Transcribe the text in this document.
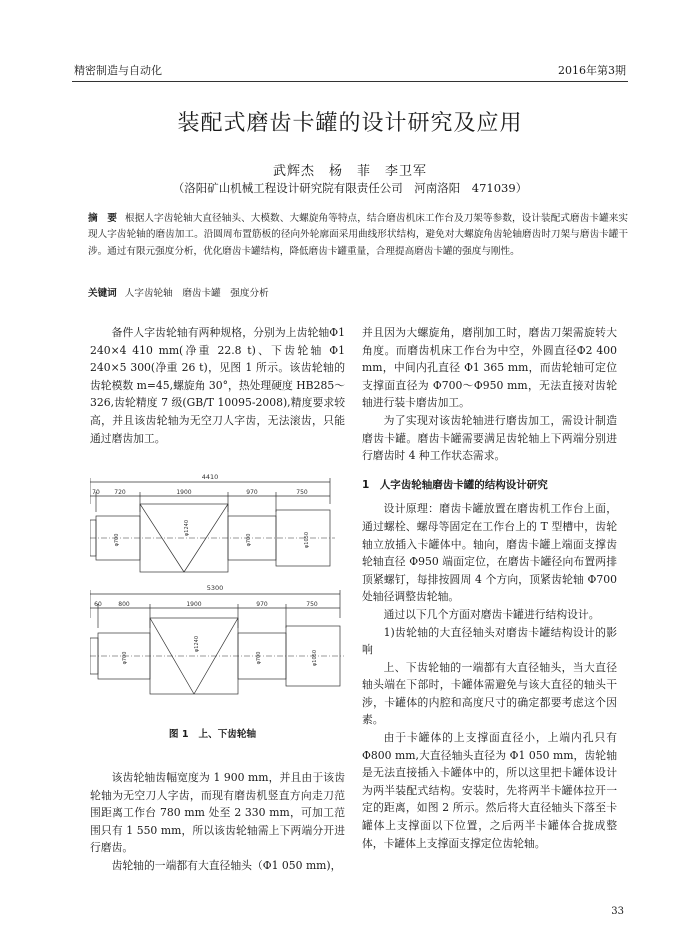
精密制造与自动化	2016年第3期
装配式磨齿卡罐的设计研究及应用
武辉杰　杨　菲　李卫军
（洛阳矿山机械工程设计研究院有限责任公司　河南洛阳　471039）
摘　要 根据人字齿轮轴大直径轴头、大模数、大螺旋角等特点，结合磨齿机床工作台及刀架等参数，设计装配式磨齿卡罐来实现人字齿轮轴的磨齿加工。沿圆周布置筋板的径向外轮廓面采用曲线形状结构，避免对大螺旋角齿轮轴磨齿时刀架与磨齿卡罐干涉。通过有限元强度分析，优化磨齿卡罐结构，降低磨齿卡罐重量，合理提高磨齿卡罐的强度与刚性。
关键词 人字齿轮轴　磨齿卡罐　强度分析

备件人字齿轮轴有两种规格，分别为上齿轮轴Φ1 240×4 410 mm(净重 22.8 t)、下齿轮轴 Φ1 240×5 300(净重 26 t)，见图 1 所示。该齿轮轴的齿轮模数 m=45,螺旋角 30°，热处理硬度 HB285～326,齿轮精度 7 级(GB/T 10095-2008),精度要求较高，并且该齿轮轴为无空刀人字齿，无法滚齿，只能通过磨齿加工。

4410
70 720	1900	970	750
φ700
φ1240
φ700	φ1050
5300
60	800	1900	970	750
φ700
φ1240
φ700	φ1050
图 1 上、下齿轮轴

该齿轮轴齿幅宽度为 1 900 mm，并且由于该齿轮轴为无空刀人字齿，而现有磨齿机竖直方向走刀范围距离工作台 780 mm 处至 2 330 mm，可加工范围只有 1 550 mm，所以该齿轮轴需上下两端分开进行磨齿。

齿轮轴的一端都有大直径轴头（Φ1 050 mm)，

并且因为大螺旋角，磨削加工时，磨齿刀架需旋转大角度。而磨齿机床工作台为中空，外圆直径Φ2 400 mm，中间内孔直径 Φ1 365 mm，而齿轮轴可定位支撑面直径为 Φ700～Φ950 mm，无法直接对齿轮轴进行装卡磨齿加工。

为了实现对该齿轮轴进行磨齿加工，需设计制造磨齿卡罐。磨齿卡罐需要满足齿轮轴上下两端分别进行磨齿时 4 种工作状态需求。

1　人字齿轮轴磨齿卡罐的结构设计研究

设计原理：磨齿卡罐放置在磨齿机工作台上面，通过螺栓、螺母等固定在工作台上的 T 型槽中，齿轮轴立放插入卡罐体中。轴向，磨齿卡罐上端面支撑齿轮轴直径 Φ950 端面定位，在磨齿卡罐径向布置两排顶紧螺钉，每排按圆周 4 个方向，顶紧齿轮轴 Φ700 处轴径调整齿轮轴。

通过以下几个方面对磨齿卡罐进行结构设计。

1)齿轮轴的大直径轴头对磨齿卡罐结构设计的影响

上、下齿轮轴的一端都有大直径轴头，当大直径轴头端在下部时，卡罐体需避免与该大直径的轴头干涉，卡罐体的内腔和高度尺寸的确定都要考虑这个因素。

由于卡罐体的上支撑面直径小，上端内孔只有Φ800 mm,大直径轴头直径为 Φ1 050 mm，齿轮轴是无法直接插入卡罐体中的，所以这里把卡罐体设计为两半装配式结构。安装时，先将两半卡罐体拉开一定的距离，如图 2 所示。然后将大直径轴头下落至卡罐体上支撑面以下位置，之后两半卡罐体合拢成整体，卡罐体上支撑面支撑定位齿轮轴。

33
